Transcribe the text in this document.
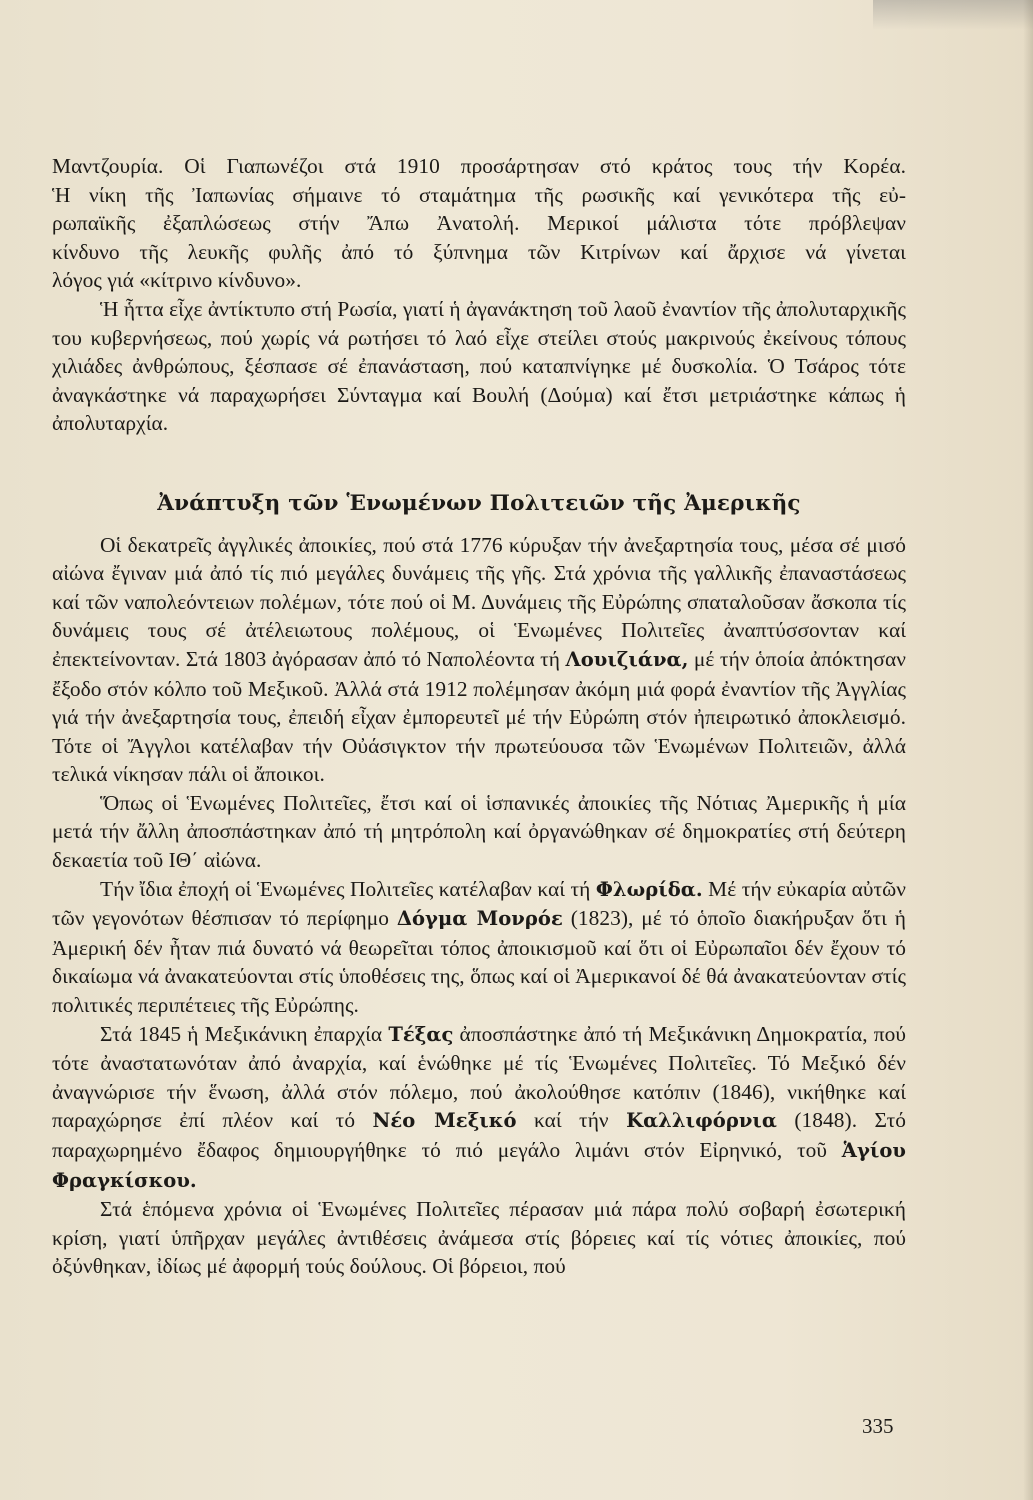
Μαντζουρία. Οἱ Γιαπωνέζοι στά 1910 προσάρτησαν στό κράτος τους τήν Κορέα.
Ἡ νίκη τῆς Ἰαπωνίας σήμαινε τό σταμάτημα τῆς ρωσικῆς καί γενικότερα τῆς εὐ-
ρωπαϊκῆς ἐξαπλώσεως στήν Ἄπω Ἀνατολή. Μερικοί μάλιστα τότε πρόβλεψαν
κίνδυνο τῆς λευκῆς φυλῆς ἀπό τό ξύπνημα τῶν Κιτρίνων καί ἄρχισε νά γίνεται
λόγος γιά «κίτρινο κίνδυνο».

Ἡ ἧττα εἶχε ἀντίκτυπο στή Ρωσία, γιατί ἡ ἀγανάκτηση τοῦ λαοῦ ἐναντίον τῆς ἀπολυταρχικῆς του κυβερνήσεως, πού χωρίς νά ρωτήσει τό λαό εἶχε στείλει στούς μακρινούς ἐκείνους τόπους χιλιάδες ἀνθρώπους, ξέσπασε σέ ἐπανάσταση, πού καταπνίγηκε μέ δυσκολία. Ὁ Τσάρος τότε ἀναγκάστηκε νά παραχωρήσει Σύνταγμα καί Βουλή (Δούμα) καί ἔτσι μετριάστηκε κάπως ἡ ἀπολυταρχία.

Ἀνάπτυξη τῶν Ἑνωμένων Πολιτειῶν τῆς Ἀμερικῆς

Οἱ δεκατρεῖς ἀγγλικές ἀποικίες, πού στά 1776 κύρυξαν τήν ἀνεξαρτησία τους, μέσα σέ μισό αἰώνα ἔγιναν μιά ἀπό τίς πιό μεγάλες δυνάμεις τῆς γῆς. Στά χρόνια τῆς γαλλικῆς ἐπαναστάσεως καί τῶν ναπολεόντειων πολέμων, τότε πού οἱ Μ. Δυνάμεις τῆς Εὐρώπης σπαταλοῦσαν ἄσκοπα τίς δυνάμεις τους σέ ἀτέλειωτους πολέμους, οἱ Ἑνωμένες Πολιτεῖες ἀναπτύσσονταν καί ἐπεκτείνονταν. Στά 1803 ἀγόρασαν ἀπό τό Ναπολέοντα τή Λουιζιάνα, μέ τήν ὁποία ἀπόκτησαν ἔξοδο στόν κόλπο τοῦ Μεξικοῦ. Ἀλλά στά 1912 πολέμησαν ἀκόμη μιά φορά ἐναντίον τῆς Ἀγγλίας γιά τήν ἀνεξαρτησία τους, ἐπειδή εἶχαν ἐμπορευτεῖ μέ τήν Εὐρώπη στόν ἠπειρωτικό ἀποκλεισμό. Τότε οἱ Ἄγγλοι κατέλαβαν τήν Οὐάσιγκτον τήν πρωτεύουσα τῶν Ἑνωμένων Πολιτειῶν, ἀλλά τελικά νίκησαν πάλι οἱ ἄποικοι.

Ὅπως οἱ Ἑνωμένες Πολιτεῖες, ἔτσι καί οἱ ἱσπανικές ἀποικίες τῆς Νότιας Ἀμερικῆς ἡ μία μετά τήν ἄλλη ἀποσπάστηκαν ἀπό τή μητρόπολη καί ὀργανώθηκαν σέ δημοκρατίες στή δεύτερη δεκαετία τοῦ ΙΘ΄ αἰώνα.

Τήν ἴδια ἐποχή οἱ Ἑνωμένες Πολιτεῖες κατέλαβαν καί τή Φλωρίδα. Μέ τήν εὐκαρία αὐτῶν τῶν γεγονότων θέσπισαν τό περίφημο Δόγμα Μονρόε (1823), μέ τό ὁποῖο διακήρυξαν ὅτι ἡ Ἀμερική δέν ἦταν πιά δυνατό νά θεωρεῖται τόπος ἀποικισμοῦ καί ὅτι οἱ Εὐρωπαῖοι δέν ἔχουν τό δικαίωμα νά ἀνακατεύονται στίς ὑποθέσεις της, ὅπως καί οἱ Ἀμερικανοί δέ θά ἀνακατεύονταν στίς πολιτικές περιπέτειες τῆς Εὐρώπης.

Στά 1845 ἡ Μεξικάνικη ἐπαρχία Τέξας ἀποσπάστηκε ἀπό τή Μεξικάνικη Δημοκρατία, πού τότε ἀναστατωνόταν ἀπό ἀναρχία, καί ἑνώθηκε μέ τίς Ἑνωμένες Πολιτεῖες. Τό Μεξικό δέν ἀναγνώρισε τήν ἕνωση, ἀλλά στόν πόλεμο, πού ἀκολούθησε κατόπιν (1846), νικήθηκε καί παραχώρησε ἐπί πλέον καί τό Νέο Μεξικό καί τήν Καλλιφόρνια (1848). Στό παραχωρημένο ἔδαφος δημιουργήθηκε τό πιό μεγάλο λιμάνι στόν Εἰρηνικό, τοῦ Ἁγίου Φραγκίσκου.

Στά ἑπόμενα χρόνια οἱ Ἑνωμένες Πολιτεῖες πέρασαν μιά πάρα πολύ σοβαρή ἐσωτερική κρίση, γιατί ὑπῆρχαν μεγάλες ἀντιθέσεις ἀνάμεσα στίς βόρειες καί τίς νότιες ἀποικίες, πού ὀξύνθηκαν, ἰδίως μέ ἀφορμή τούς δούλους. Οἱ βόρειοι, πού

335
